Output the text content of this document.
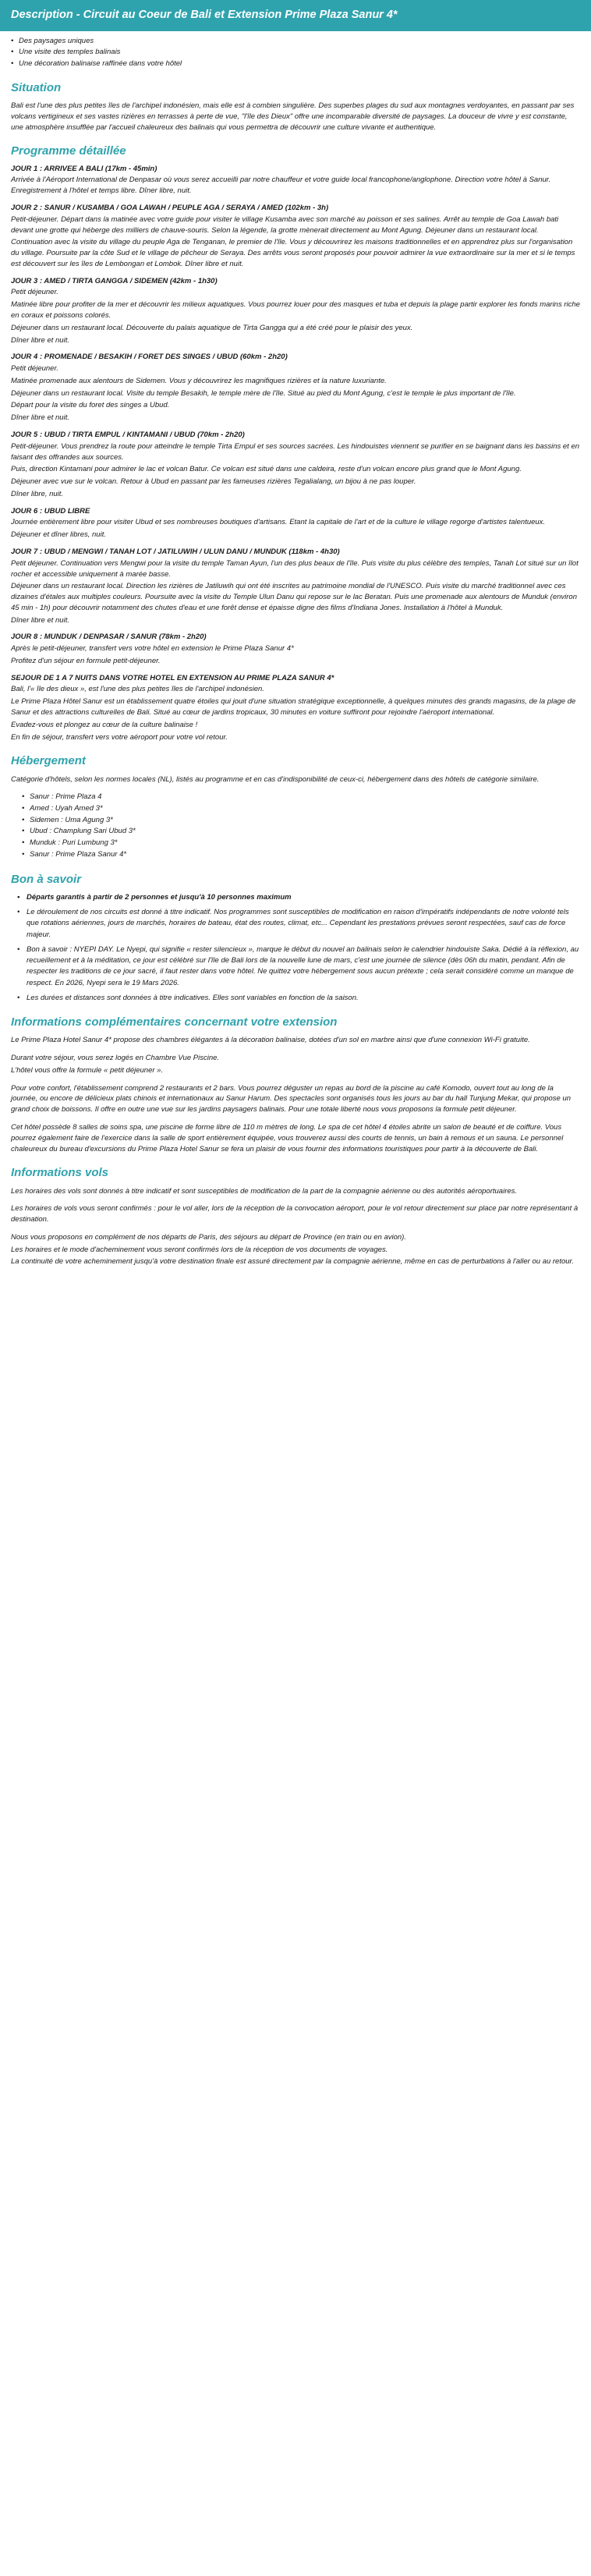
Description - Circuit au Coeur de Bali et Extension Prime Plaza Sanur 4*
• Des paysages uniques
• Une visite des temples balinais
• Une décoration balinaise raffinée dans votre hôtel
Situation

Bali est l'une des plus petites îles de l'archipel indonésien, mais elle est à combien singulière. Des superbes plages du sud aux montagnes verdoyantes, en passant par ses volcans vertigineux et ses vastes rizières en terrasses à perte de vue, "l'île des Dieux" offre une incomparable diversité de paysages. La douceur de vivre y est constante, une atmosphère insufflée par l'accueil chaleureux des balinais qui vous permettra de découvrir une culture vivante et authentique.

Programme détaillée

JOUR 1 : ARRIVEE A BALI (17km - 45min)

Arrivée à l'Aéroport International de Denpasar où vous serez accueilli par notre chauffeur et votre guide local francophone/anglophone. Direction votre hôtel à Sanur. Enregistrement à l'hôtel et temps libre. Dîner libre, nuit.

JOUR 2 : SANUR / KUSAMBA / GOA LAWAH / PEUPLE AGA / SERAYA / AMED (102km - 3h)

Petit-déjeuner. Départ dans la matinée avec votre guide pour visiter le village Kusamba avec son marché au poisson et ses salines. Arrêt au temple de Goa Lawah bati devant une grotte qui héberge des milliers de chauve-souris. Selon la légende, la grotte mènerait directement au Mont Agung. Déjeuner dans un restaurant local.

Continuation avec la visite du village du peuple Aga de Tenganan, le premier de l'île. Vous y découvrirez les maisons traditionnelles et en apprendrez plus sur l'organisation du village. Poursuite par la côte Sud et le village de pêcheur de Seraya. Des arrêts vous seront proposés pour pouvoir admirer la vue extraordinaire sur la mer et si le temps est découvert sur les îles de Lembongan et Lombok. Dîner libre et nuit.

JOUR 3 : AMED / TIRTA GANGGA / SIDEMEN (42km - 1h30)

Petit déjeuner.

Matinée libre pour profiter de la mer et découvrir les milieux aquatiques. Vous pourrez louer pour des masques et tuba et depuis la plage partir explorer les fonds marins riche en coraux et poissons colorés.

Déjeuner dans un restaurant local. Découverte du palais aquatique de Tirta Gangga qui a été créé pour le plaisir des yeux.

Dîner libre et nuit.

JOUR 4 : PROMENADE / BESAKIH / FORET DES SINGES / UBUD (60km - 2h20)

Petit déjeuner.

Matinée promenade aux alentours de Sidemen. Vous y découvrirez les magnifiques rizières et la nature luxuriante.

Déjeuner dans un restaurant local. Visite du temple Besakih, le temple mère de l'île. Situé au pied du Mont Agung, c'est le temple le plus important de l'île.

Départ pour la visite du foret des singes a Ubud.

Dîner libre et nuit.

JOUR 5 : UBUD / TIRTA EMPUL / KINTAMANI / UBUD (70km - 2h20)

Petit-déjeuner. Vous prendrez la route pour atteindre le temple Tirta Empul et ses sources sacrées. Les hindouistes viennent se purifier en se baignant dans les bassins et en faisant des offrandes aux sources.

Puis, direction Kintamani pour admirer le lac et volcan Batur. Ce volcan est situé dans une caldeira, reste d'un volcan encore plus grand que le Mont Agung.

Déjeuner avec vue sur le volcan. Retour à Ubud en passant par les fameuses rizières Tegalialang, un bijou à ne pas louper.

Dîner libre, nuit.

JOUR 6 : UBUD LIBRE

Journée entièrement libre pour visiter Ubud et ses nombreuses boutiques d'artisans. Etant la capitale de l'art et de la culture le village regorge d'artistes talentueux.

Déjeuner et dîner libres, nuit.

JOUR 7 : UBUD / MENGWI / TANAH LOT / JATILUWIH / ULUN DANU / MUNDUK (118km - 4h30)

Petit déjeuner. Continuation vers Mengwi pour la visite du temple Taman Ayun, l'un des plus beaux de l'île. Puis visite du plus célèbre des temples, Tanah Lot situé sur un îlot rocher et accessible uniquement à marée basse.

Déjeuner dans un restaurant local. Direction les rizières de Jatiluwih qui ont été inscrites au patrimoine mondial de l'UNESCO. Puis visite du marché traditionnel avec ces dizaines d'étales aux multiples couleurs. Poursuite avec la visite du Temple Ulun Danu qui repose sur le lac Beratan. Puis une promenade aux alentours de Munduk (environ 45 min - 1h) pour découvrir notamment des chutes d'eau et une forêt dense et épaisse digne des films d'Indiana Jones. Installation à l'hôtel à Munduk.

Dîner libre et nuit.

JOUR 8 : MUNDUK / DENPASAR / SANUR (78km - 2h20)

Après le petit-déjeuner, transfert vers votre hôtel en extension le Prime Plaza Sanur 4*

Profitez d'un séjour en formule petit-déjeuner.

SEJOUR DE 1 A 7 NUITS DANS VOTRE HOTEL EN EXTENSION AU PRIME PLAZA SANUR 4*

Bali, l'« île des dieux », est l'une des plus petites îles de l'archipel indonésien.

Le Prime Plaza Hôtel Sanur est un établissement quatre étoiles qui jouit d'une situation stratégique exceptionnelle, à quelques minutes des grands magasins, de la plage de Sanur et des attractions culturelles de Bali. Situé au cœur de jardins tropicaux, 30 minutes en voiture suffiront pour rejoindre l'aéroport international.

Evadez-vous et plongez au cœur de la culture balinaise !

En fin de séjour, transfert vers votre aéroport pour votre vol retour.

Hébergement

Catégorie d'hôtels, selon les normes locales (NL), listés au programme et en cas d'indisponibilité de ceux-ci, hébergement dans des hôtels de catégorie similaire.

• Sanur : Prime Plaza 4
• Amed : Uyah Amed 3*
• Sidemen : Uma Agung 3*
• Ubud : Champlung Sari Ubud 3*
• Munduk : Puri Lumbung 3*
• Sanur : Prime Plaza Sanur 4*
Bon à savoir
• Départs garantis à partir de 2 personnes et jusqu'à 10 personnes maximum
• Le déroulement de nos circuits est donné à titre indicatif. Nos programmes sont susceptibles de modification en raison d'impératifs indépendants de notre volonté tels que rotations aériennes, jours de marchés, horaires de bateau, état des routes, climat, etc... Cependant les prestations prévues seront respectées, sauf cas de force majeur.
• Bon à savoir : NYEPI DAY. Le Nyepi, qui signifie « rester silencieux », marque le début du nouvel an balinais selon le calendrier hindouiste Saka. Dédié à la réflexion, au recueillement et à la méditation, ce jour est célébré sur l'île de Bali lors de la nouvelle lune de mars, c'est une journée de silence (dès 06h du matin, pendant. Afin de respecter les traditions de ce jour sacré, il faut rester dans votre hôtel. Ne quittez votre hébergement sous aucun prétexte ; cela serait considéré comme un manque de respect. En 2026, Nyepi sera le 19 Mars 2026.
• Les durées et distances sont données à titre indicatives. Elles sont variables en fonction de la saison.
Informations complémentaires concernant votre extension

Le Prime Plaza Hotel Sanur 4* propose des chambres élégantes à la décoration balinaise, dotées d'un sol en marbre ainsi que d'une connexion Wi-Fi gratuite.

Durant votre séjour, vous serez logés en Chambre Vue Piscine.

L'hôtel vous offre la formule « petit déjeuner ».

Pour votre confort, l'établissement comprend 2 restaurants et 2 bars. Vous pourrez déguster un repas au bord de la piscine au café Komodo, ouvert tout au long de la journée, ou encore de délicieux plats chinois et internationaux au Sanur Harum. Des spectacles sont organisés tous les jours au bar du hall Tunjung Mekar, qui propose un grand choix de boissons. Il offre en outre une vue sur les jardins paysagers balinais. Pour une totale liberté nous vous proposons la formule petit déjeuner.

Cet hôtel possède 8 salles de soins spa, une piscine de forme libre de 110 m mètres de long. Le spa de cet hôtel 4 étoiles abrite un salon de beauté et de coiffure. Vous pourrez également faire de l'exercice dans la salle de sport entièrement équipée, vous trouverez aussi des courts de tennis, un bain à remous et un sauna. Le personnel chaleureux du bureau d'excursions du Prime Plaza Hotel Sanur se fera un plaisir de vous fournir des informations touristiques pour partir à la découverte de Bali.

Informations vols

Les horaires des vols sont donnés à titre indicatif et sont susceptibles de modification de la part de la compagnie aérienne ou des autorités aéroportuaires.

Les horaires de vols vous seront confirmés : pour le vol aller, lors de la réception de la convocation aéroport, pour le vol retour directement sur place par notre représentant à destination.

Nous vous proposons en complément de nos départs de Paris, des séjours au départ de Province (en train ou en avion).

Les horaires et le mode d'acheminement vous seront confirmés lors de la réception de vos documents de voyages.

La continuité de votre acheminement jusqu'à votre destination finale est assuré directement par la compagnie aérienne, même en cas de perturbations à l'aller ou au retour.
